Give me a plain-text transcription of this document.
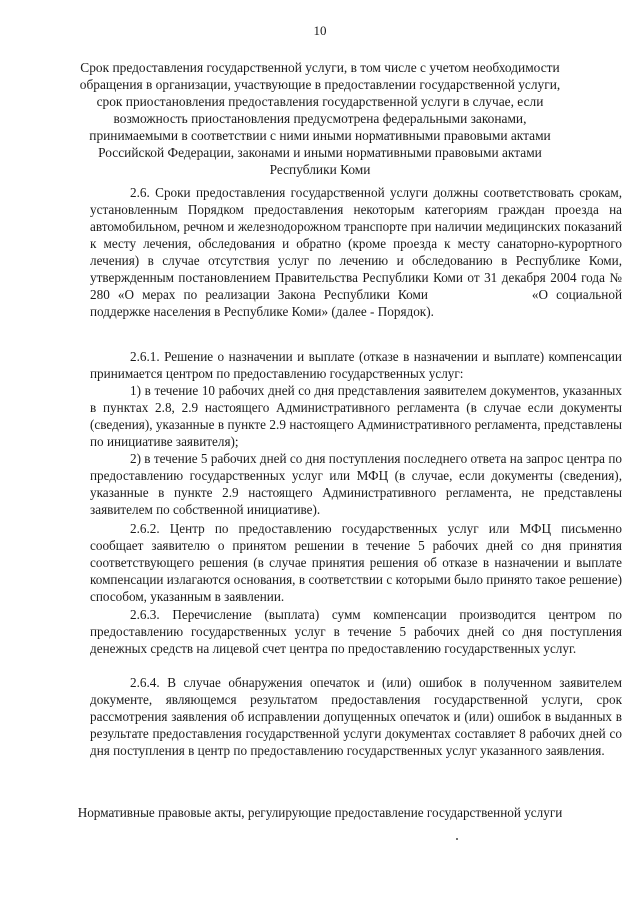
10
Срок предоставления государственной услуги, в том числе с учетом необходимости обращения в организации, участвующие в предоставлении государственной услуги, срок приостановления предоставления государственной услуги в случае, если возможность приостановления предусмотрена федеральными законами, принимаемыми в соответствии с ними иными нормативными правовыми актами Российской Федерации, законами и иными нормативными правовыми актами Республики Коми

2.6. Сроки предоставления государственной услуги должны соответствовать срокам, установленным Порядком предоставления некоторым категориям граждан проезда на автомобильном, речном и железнодорожном транспорте при наличии медицинских показаний к месту лечения, обследования и обратно (кроме проезда к месту санаторно-курортного лечения) в случае отсутствия услуг по лечению и обследованию в Республике Коми, утвержденным постановлением Правительства Республики Коми от 31 декабря 2004 года № 280 «О мерах по реализации Закона Республики Коми	«О социальной поддержке населения в Республике Коми» (далее - Порядок).

2.6.1. Решение о назначении и выплате (отказе в назначении и выплате) компенсации принимается центром по предоставлению государственных услуг:

1) в течение 10 рабочих дней со дня представления заявителем документов, указанных в пунктах 2.8, 2.9 настоящего Административного регламента (в случае если документы (сведения), указанные в пункте 2.9 настоящего Административного регламента, представлены по инициативе заявителя);

2) в течение 5 рабочих дней со дня поступления последнего ответа на запрос центра по предоставлению государственных услуг или МФЦ (в случае, если документы (сведения), указанные в пункте 2.9 настоящего Административного регламента, не представлены заявителем по собственной инициативе).

2.6.2. Центр по предоставлению государственных услуг или МФЦ письменно сообщает заявителю о принятом решении в течение 5 рабочих дней со дня принятия соответствующего решения (в случае принятия решения об отказе в назначении и выплате компенсации излагаются основания, в соответствии с которыми было принято такое решение) способом, указанным в заявлении.

2.6.3. Перечисление (выплата) сумм компенсации производится центром по предоставлению государственных услуг в течение 5 рабочих дней со дня поступления денежных средств на лицевой счет центра по предоставлению государственных услуг.

2.6.4. В случае обнаружения опечаток и (или) ошибок в полученном заявителем документе, являющемся результатом предоставления государственной услуги, срок рассмотрения заявления об исправлении допущенных опечаток и (или) ошибок в выданных в результате предоставления государственной услуги документах составляет 8 рабочих дней со дня поступления в центр по предоставлению государственных услуг указанного заявления.

Нормативные правовые акты, регулирующие предоставление государственной услуги
